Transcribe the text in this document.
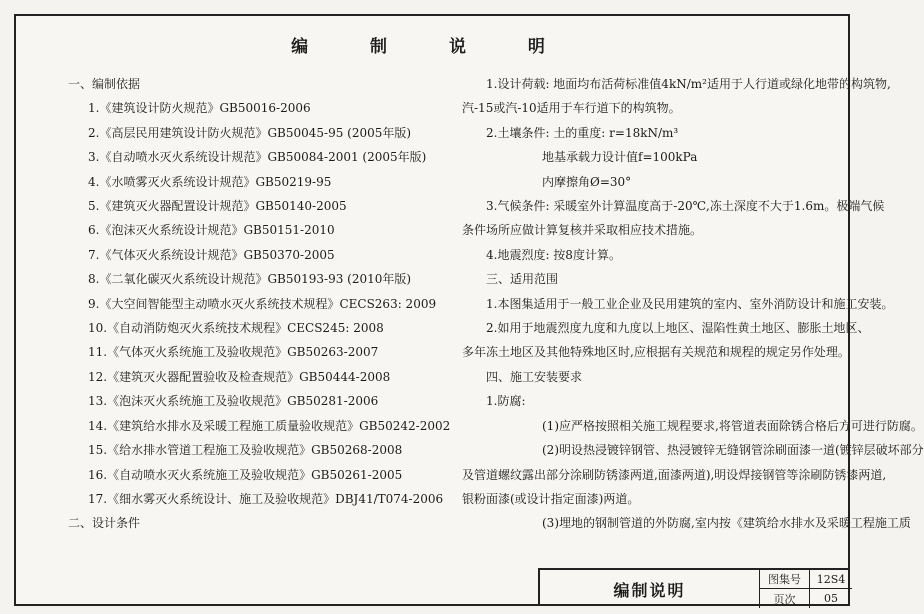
编 制 说 明
一、编制依据
1.《建筑设计防火规范》GB50016-2006
2.《高层民用建筑设计防火规范》GB50045-95 (2005年版)
3.《自动喷水灭火系统设计规范》GB50084-2001 (2005年版)
4.《水喷雾灭火系统设计规范》GB50219-95
5.《建筑灭火器配置设计规范》GB50140-2005
6.《泡沫灭火系统设计规范》GB50151-2010
7.《气体灭火系统设计规范》GB50370-2005
8.《二氧化碳灭火系统设计规范》GB50193-93 (2010年版)
9.《大空间智能型主动喷水灭火系统技术规程》CECS263: 2009
10.《自动消防炮灭火系统技术规程》CECS245: 2008
11.《气体灭火系统施工及验收规范》GB50263-2007
12.《建筑灭火器配置验收及检查规范》GB50444-2008
13.《泡沫灭火系统施工及验收规范》GB50281-2006
14.《建筑给水排水及采暖工程施工质量验收规范》GB50242-2002
15.《给水排水管道工程施工及验收规范》GB50268-2008
16.《自动喷水灭火系统施工及验收规范》GB50261-2005
17.《细水雾灭火系统设计、施工及验收规范》DBJ41/T074-2006
二、设计条件
1.设计荷载: 地面均布活荷标准值4kN/m²适用于人行道或绿化地带的构筑物,
汽-15或汽-10适用于车行道下的构筑物。
2.土壤条件: 土的重度: r=18kN/m³
地基承载力设计值f=100kPa
内摩擦角Ø=30°
3.气候条件: 采暖室外计算温度高于-20℃,冻土深度不大于1.6m。极端气候
条件场所应做计算复核并采取相应技术措施。
4.地震烈度: 按8度计算。
三、适用范围
1.本图集适用于一般工业企业及民用建筑的室内、室外消防设计和施工安装。
2.如用于地震烈度九度和九度以上地区、湿陷性黄土地区、膨胀土地区、
多年冻土地区及其他特殊地区时,应根据有关规范和规程的规定另作处理。
四、施工安装要求
1.防腐:
(1)应严格按照相关施工规程要求,将管道表面除锈合格后方可进行防腐。
(2)明设热浸镀锌钢管、热浸镀锌无缝钢管涂刷面漆一道(镀锌层破坏部分
及管道螺纹露出部分涂刷防锈漆两道,面漆两道),明设焊接钢管等涂刷防锈漆两道,
银粉面漆(或设计指定面漆)两道。
(3)埋地的钢制管道的外防腐,室内按《建筑给水排水及采暖工程施工质
编制说明
图集号	12S4
页次	05
